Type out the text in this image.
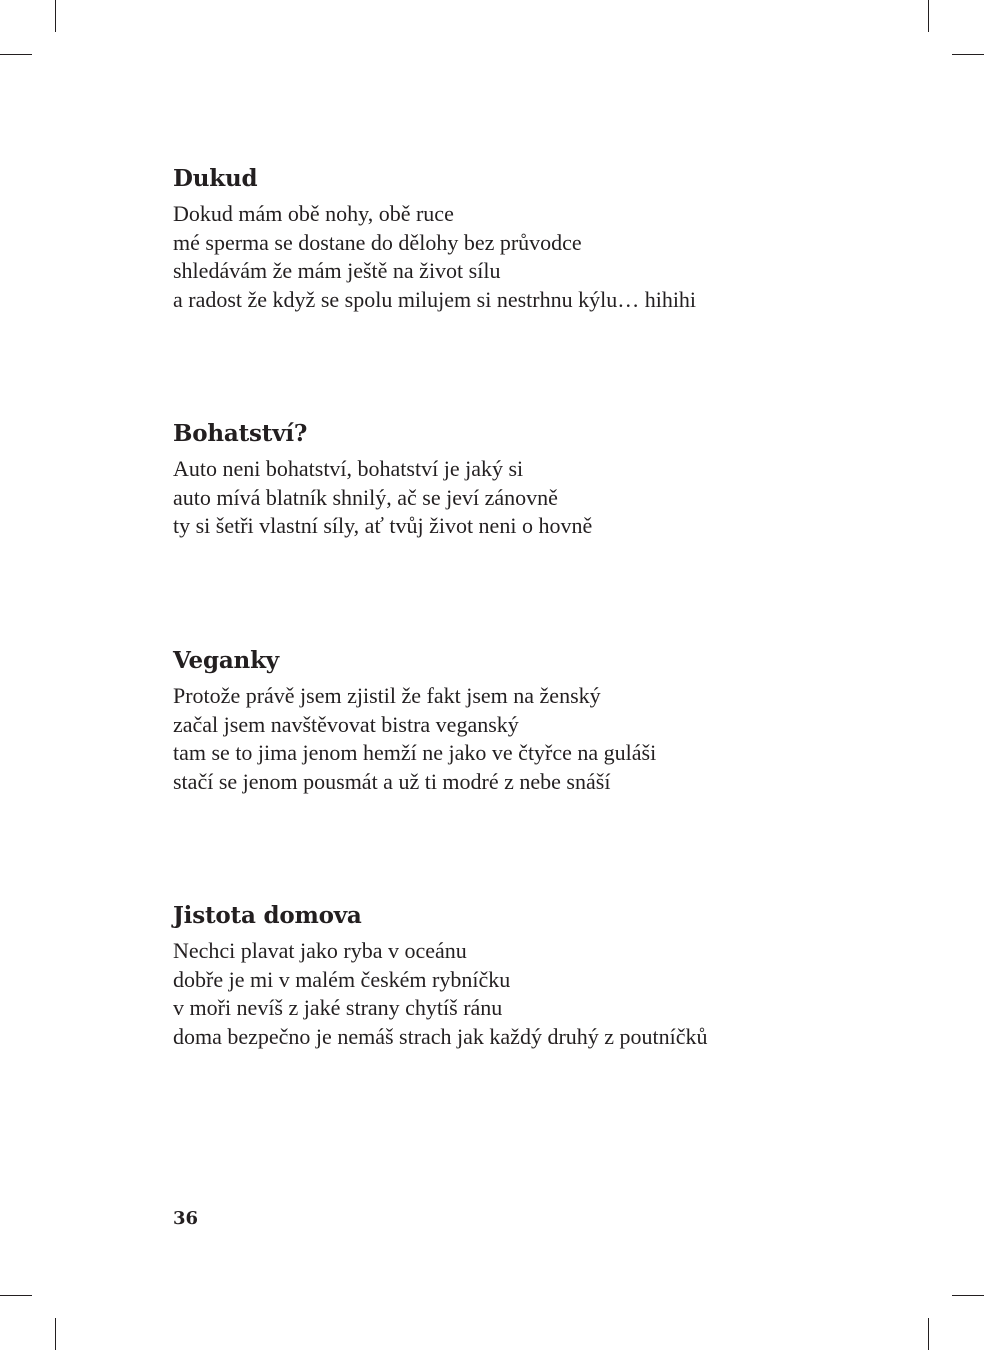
Dukud
Dokud mám obě nohy, obě ruce
mé sperma se dostane do dělohy bez průvodce
shledávám že mám ještě na život sílu
a radost že když se spolu milujem si nestrhnu kýlu… hihihi
Bohatství?
Auto neni bohatství, bohatství je jaký si
auto mívá blatník shnilý, ač se jeví zánovně
ty si šetři vlastní síly, ať tvůj život neni o hovně
Veganky
Protože právě jsem zjistil že fakt jsem na ženský
začal jsem navštěvovat bistra veganský
tam se to jima jenom hemží ne jako ve čtyřce na guláši
stačí se jenom pousmát a už ti modré z nebe snáší
Jistota domova
Nechci plavat jako ryba v oceánu
dobře je mi v malém českém rybníčku
v moři nevíš z jaké strany chytíš ránu
doma bezpečno je nemáš strach jak každý druhý z poutníčků
36
